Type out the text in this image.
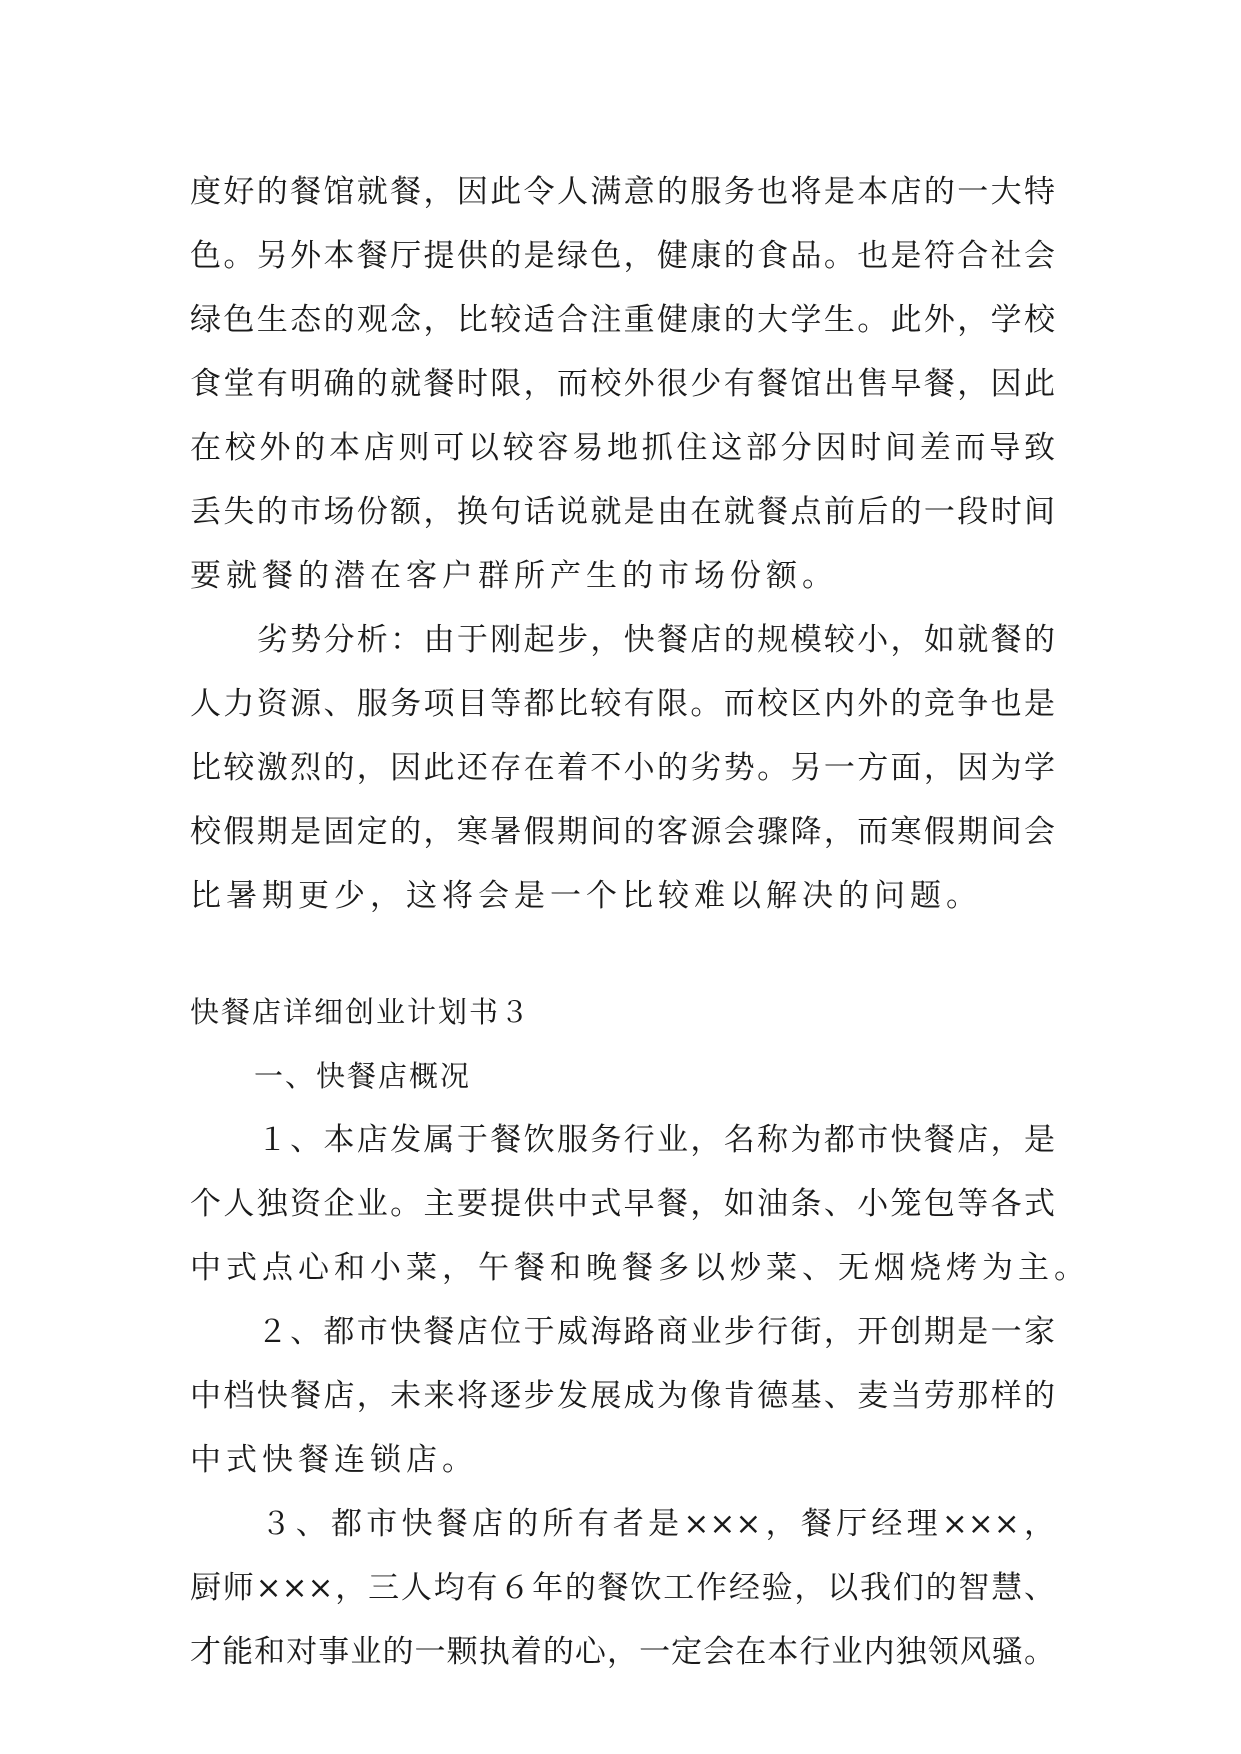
度好的餐馆就餐，因此令人满意的服务也将是本店的一大特
色。另外本餐厅提供的是绿色，健康的食品。也是符合社会
绿色生态的观念，比较适合注重健康的大学生。此外，学校
食堂有明确的就餐时限，而校外很少有餐馆出售早餐，因此
在校外的本店则可以较容易地抓住这部分因时间差而导致
丢失的市场份额，换句话说就是由在就餐点前后的一段时间
要就餐的潜在客户群所产生的市场份额。
　　劣势分析：由于刚起步，快餐店的规模较小，如就餐的
人力资源、服务项目等都比较有限。而校区内外的竞争也是
比较激烈的，因此还存在着不小的劣势。另一方面，因为学
校假期是固定的，寒暑假期间的客源会骤降，而寒假期间会
比暑期更少，这将会是一个比较难以解决的问题。
快餐店详细创业计划书３
一、快餐店概况
　　１、本店发属于餐饮服务行业，名称为都市快餐店，是
个人独资企业。主要提供中式早餐，如油条、小笼包等各式
中式点心和小菜，午餐和晚餐多以炒菜、无烟烧烤为主。
　　２、都市快餐店位于威海路商业步行街，开创期是一家
中档快餐店，未来将逐步发展成为像肯德基、麦当劳那样的
中式快餐连锁店。
　　３、都市快餐店的所有者是×××，餐厅经理×××，
厨师×××，三人均有６年的餐饮工作经验，以我们的智慧、
才能和对事业的一颗执着的心，一定会在本行业内独领风骚。
